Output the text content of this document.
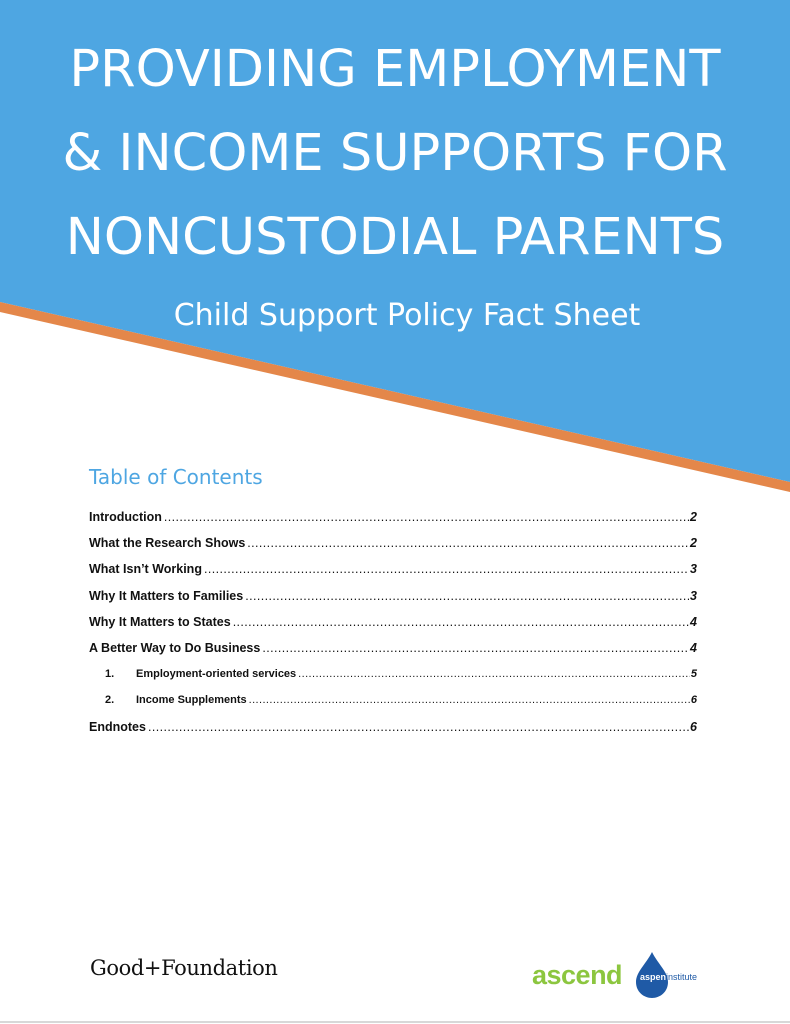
PROVIDING EMPLOYMENT
& INCOME SUPPORTS FOR
NONCUSTODIAL PARENTS
Child Support Policy Fact Sheet
Table of Contents
Introduction .....	2
What the Research Shows .....	2
What Isn’t Working .....	3
Why It Matters to Families .....	3
Why It Matters to States .....	4
A Better Way to Do Business .....	4
1.	Employment-oriented services .....	5
2.	Income Supplements .....	6
Endnotes .....	6
Good+Foundation	ascend aspeninstitute
